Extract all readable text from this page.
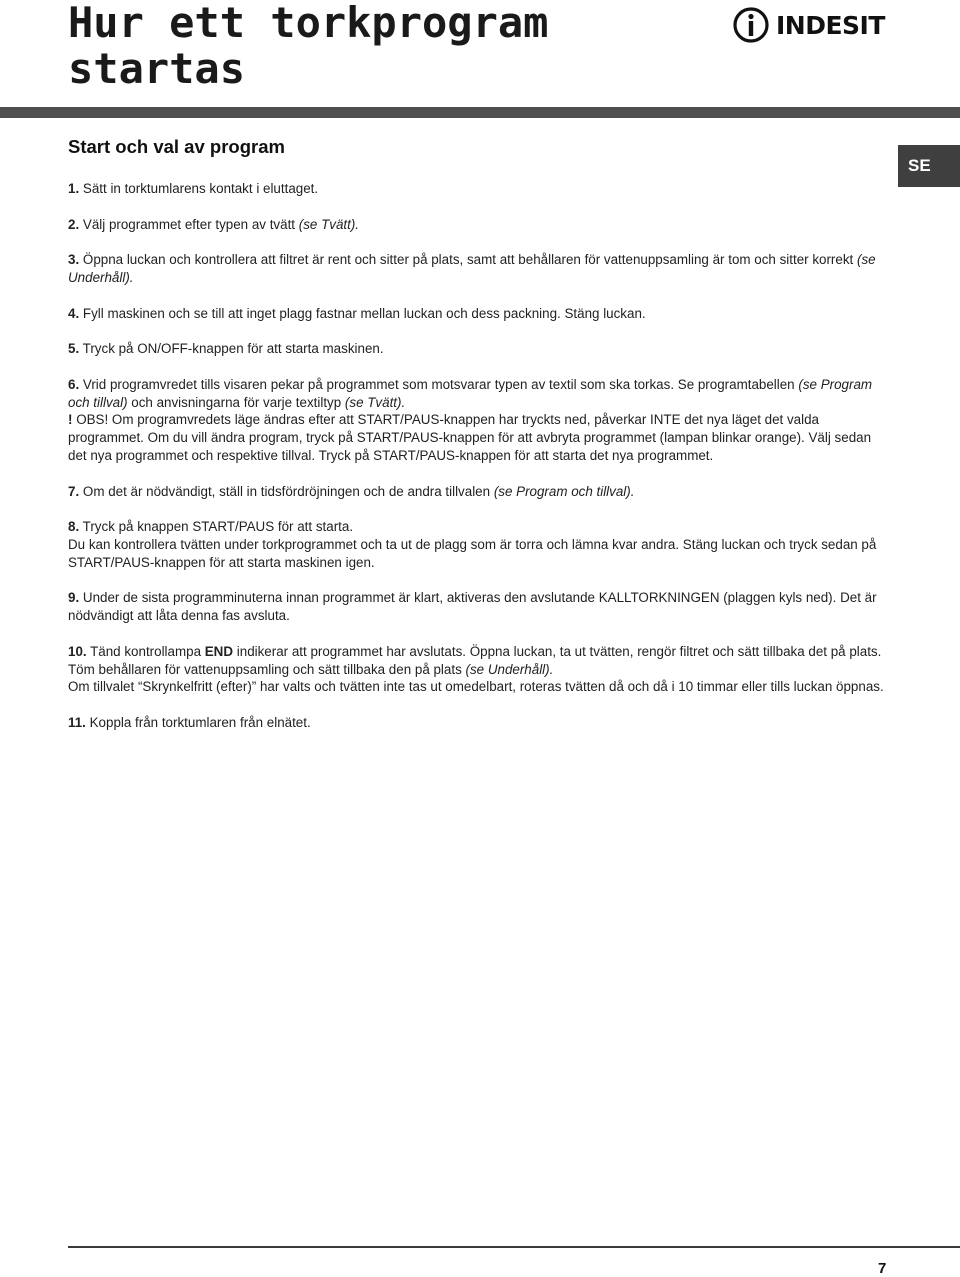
Hur ett torkprogram startas
INDESIT
SE
Start och val av program

1. Sätt in torktumlarens kontakt i eluttaget.

2. Välj programmet efter typen av tvätt (se Tvätt).

3. Öppna luckan och kontrollera att filtret är rent och sitter på plats, samt att behållaren för vattenuppsamling är tom och sitter korrekt (se Underhåll).

4. Fyll maskinen och se till att inget plagg fastnar mellan luckan och dess packning. Stäng luckan.

5. Tryck på ON/OFF-knappen för att starta maskinen.

6. Vrid programvredet tills visaren pekar på programmet som motsvarar typen av textil som ska torkas. Se programtabellen (se Program och tillval) och anvisningarna för varje textiltyp (se Tvätt).

! OBS! Om programvredets läge ändras efter att START/PAUS-knappen har tryckts ned, påverkar INTE det nya läget det valda programmet. Om du vill ändra program, tryck på START/PAUS-knappen för att avbryta programmet (lampan blinkar orange). Välj sedan det nya programmet och respektive tillval. Tryck på START/PAUS-knappen för att starta det nya programmet.

7. Om det är nödvändigt, ställ in tidsfördröjningen och de andra tillvalen (se Program och tillval).

8. Tryck på knappen START/PAUS för att starta.

Du kan kontrollera tvätten under torkprogrammet och ta ut de plagg som är torra och lämna kvar andra. Stäng luckan och tryck sedan på START/PAUS-knappen för att starta maskinen igen.

9. Under de sista programminuterna innan programmet är klart, aktiveras den avslutande KALLTORKNINGEN (plaggen kyls ned). Det är nödvändigt att låta denna fas avsluta.

10. Tänd kontrollampa END indikerar att programmet har avslutats. Öppna luckan, ta ut tvätten, rengör filtret och sätt tillbaka det på plats. Töm behållaren för vattenuppsamling och sätt tillbaka den på plats (se Underhåll).

Om tillvalet “Skrynkelfritt (efter)” har valts och tvätten inte tas ut omedelbart, roteras tvätten då och då i 10 timmar eller tills luckan öppnas.

11. Koppla från torktumlaren från elnätet.

7
